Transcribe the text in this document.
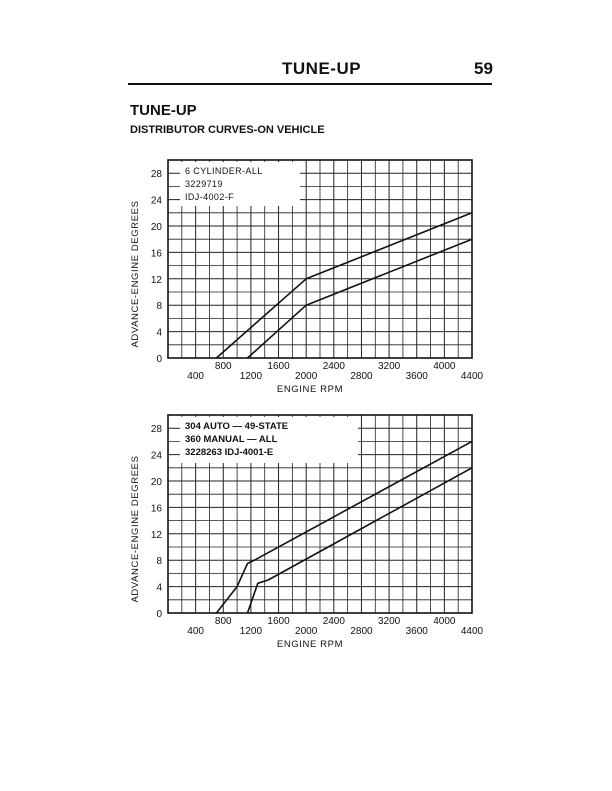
TUNE-UP	59
TUNE-UP
DISTRIBUTOR CURVES-ON VEHICLE
6 CYLINDER-ALL
3229719
IDJ-4002-F
0
4
8
12
16
20
24
28
800	1600	2400	3200	4000
400	1200	2000	2800	3600	4400
ENGINE RPM
ADVANCE-ENGINE DEGREES
304 AUTO — 49-STATE
360 MANUAL — ALL
3228263 IDJ-4001-E
0
4
8
12
16
20
24
28
800	1600	2400	3200	4000
400	1200	2000	2800	3600	4400
ENGINE RPM
ADVANCE-ENGINE DEGREES
